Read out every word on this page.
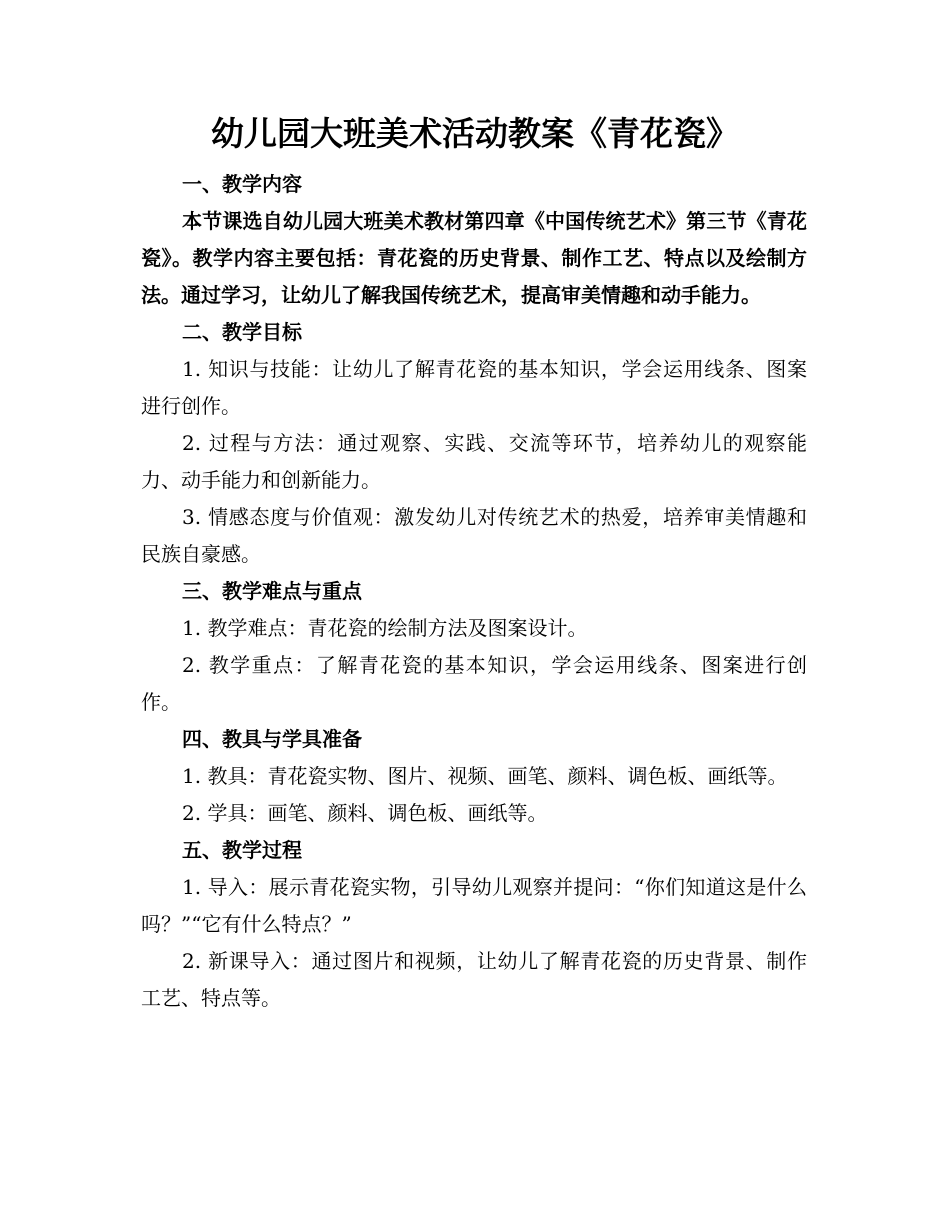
幼儿园大班美术活动教案《青花瓷》

一、教学内容

本节课选自幼儿园大班美术教材第四章《中国传统艺术》第三节《青花瓷》。教学内容主要包括：青花瓷的历史背景、制作工艺、特点以及绘制方法。通过学习，让幼儿了解我国传统艺术，提高审美情趣和动手能力。

二、教学目标

1. 知识与技能：让幼儿了解青花瓷的基本知识，学会运用线条、图案进行创作。

2. 过程与方法：通过观察、实践、交流等环节，培养幼儿的观察能力、动手能力和创新能力。

3. 情感态度与价值观：激发幼儿对传统艺术的热爱，培养审美情趣和民族自豪感。

三、教学难点与重点

1. 教学难点：青花瓷的绘制方法及图案设计。

2. 教学重点：了解青花瓷的基本知识，学会运用线条、图案进行创作。

四、教具与学具准备

1. 教具：青花瓷实物、图片、视频、画笔、颜料、调色板、画纸等。

2. 学具：画笔、颜料、调色板、画纸等。

五、教学过程

1. 导入：展示青花瓷实物，引导幼儿观察并提问：“你们知道这是什么吗？”“它有什么特点？”

2. 新课导入：通过图片和视频，让幼儿了解青花瓷的历史背景、制作工艺、特点等。
